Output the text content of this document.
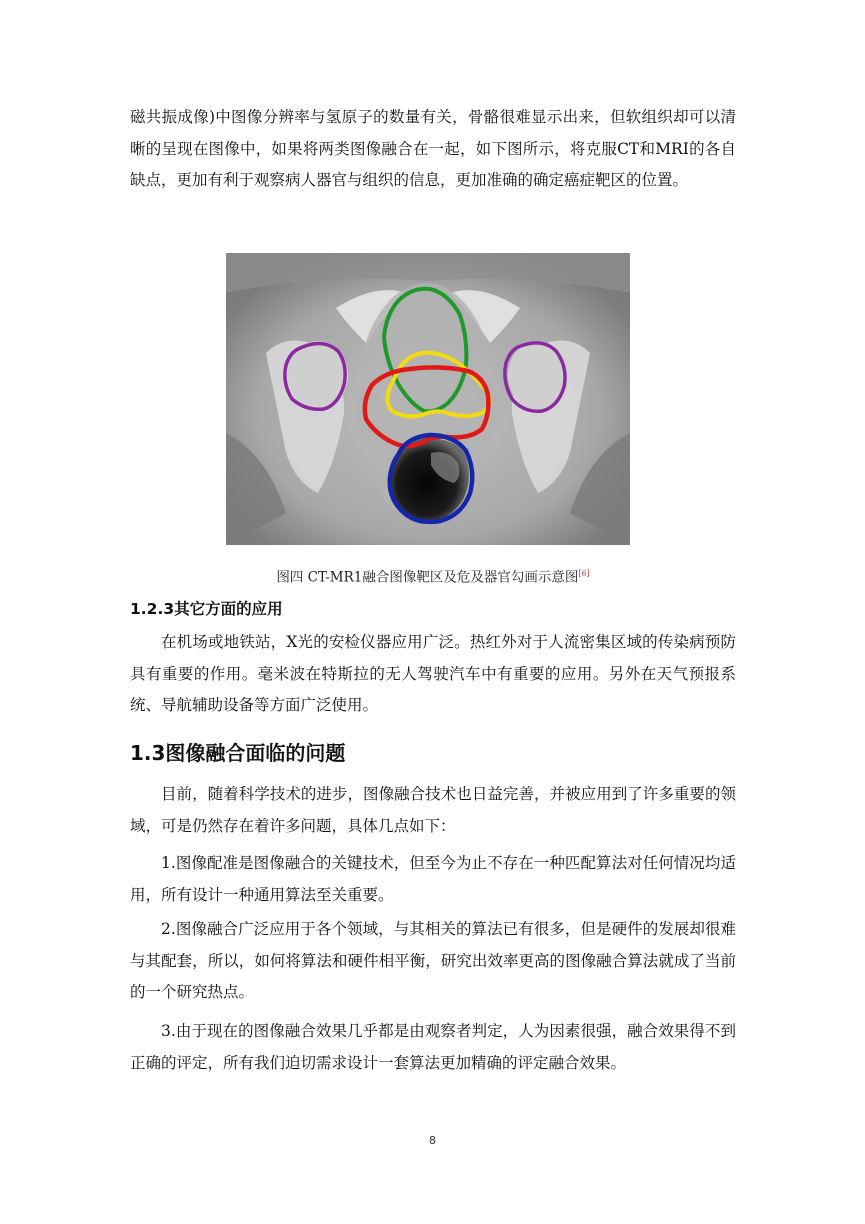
磁共振成像)中图像分辨率与氢原子的数量有关，骨骼很难显示出来，但软组织却可以清晰的呈现在图像中，如果将两类图像融合在一起，如下图所示，将克服CT和MRI的各自缺点，更加有利于观察病人器官与组织的信息，更加准确的确定癌症靶区的位置。

图四 CT-MR1融合图像靶区及危及器官勾画示意图[6]
1.2.3其它方面的应用

在机场或地铁站，X光的安检仪器应用广泛。热红外对于人流密集区域的传染病预防具有重要的作用。毫米波在特斯拉的无人驾驶汽车中有重要的应用。另外在天气预报系统、导航辅助设备等方面广泛使用。

1.3图像融合面临的问题

目前，随着科学技术的进步，图像融合技术也日益完善，并被应用到了许多重要的领域，可是仍然存在着许多问题，具体几点如下：

1.图像配准是图像融合的关键技术，但至今为止不存在一种匹配算法对任何情况均适用，所有设计一种通用算法至关重要。

2.图像融合广泛应用于各个领域，与其相关的算法已有很多，但是硬件的发展却很难与其配套，所以，如何将算法和硬件相平衡，研究出效率更高的图像融合算法就成了当前的一个研究热点。

3.由于现在的图像融合效果几乎都是由观察者判定，人为因素很强，融合效果得不到正确的评定，所有我们迫切需求设计一套算法更加精确的评定融合效果。

8
